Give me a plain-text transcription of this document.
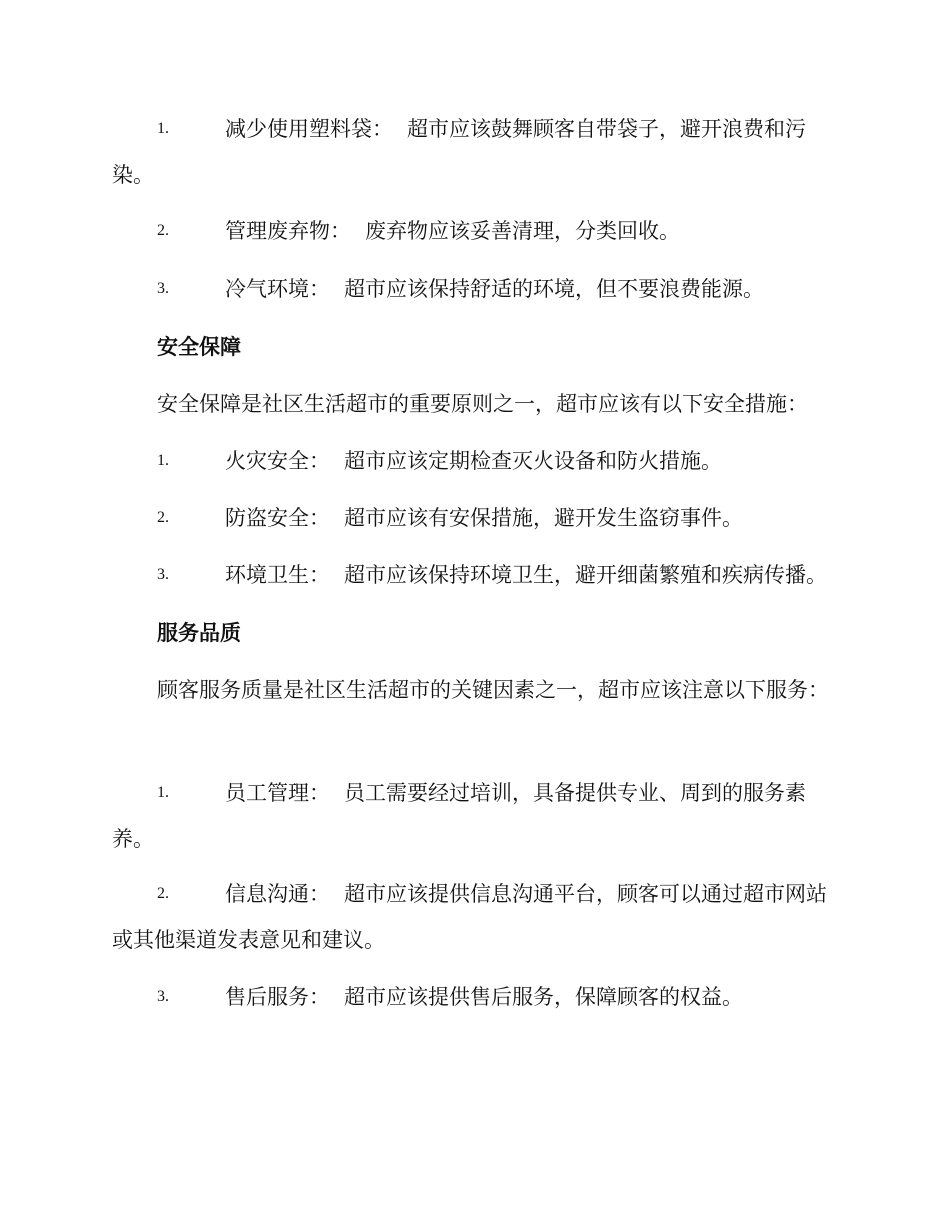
1.	减少使用塑料袋： 超市应该鼓舞顾客自带袋子，避开浪费和污染。
2.	管理废弃物： 废弃物应该妥善清理，分类回收。
3.	冷气环境： 超市应该保持舒适的环境，但不要浪费能源。
安全保障
安全保障是社区生活超市的重要原则之一，超市应该有以下安全措施：
1.	火灾安全： 超市应该定期检查灭火设备和防火措施。
2.	防盗安全： 超市应该有安保措施，避开发生盗窃事件。
3.	环境卫生： 超市应该保持环境卫生，避开细菌繁殖和疾病传播。
服务品质
顾客服务质量是社区生活超市的关键因素之一，超市应该注意以下服务：
1.	员工管理： 员工需要经过培训，具备提供专业、周到的服务素养。
2.	信息沟通： 超市应该提供信息沟通平台，顾客可以通过超市网站或其他渠道发表意见和建议。
3.	售后服务： 超市应该提供售后服务，保障顾客的权益。
